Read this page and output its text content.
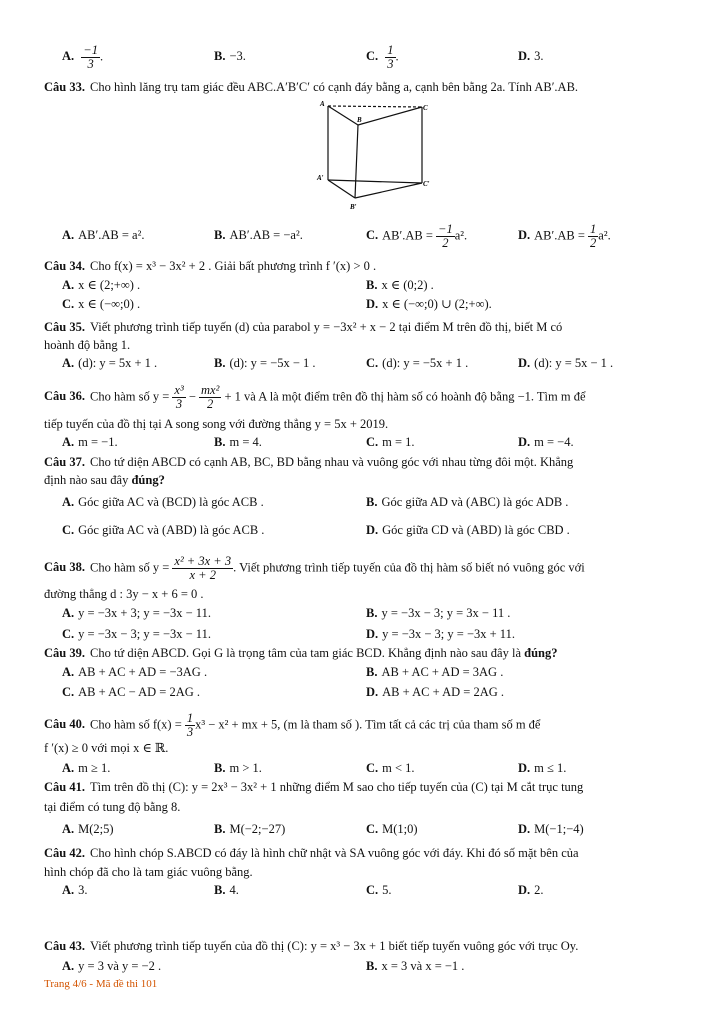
A. $\frac{-1}{3}$ .	B. −3.	C. $\frac{1}{3}$ .	D. 3.
Câu 33. Cho hình lăng trụ tam giác đều ABC.A′B′C′ có cạnh đáy bằng a, cạnh bên bằng 2a. Tính AB′.AB.
A
B
C
A′
B′
C′
A. AB′.AB = a².	B. AB′.AB = −a².	C. $AB'.AB = \frac{-1}{2} a^2$.	D. $AB'.AB = \frac{1}{2} a^2$.
Câu 34. Cho f(x) = x³ − 3x² + 2 . Giải bất phương trình f ′(x) > 0 .
A. x ∈ (2;+∞) .	B. x ∈ (0;2) .
C. x ∈ (−∞;0) .	D. x ∈ (−∞;0) ∪ (2;+∞).
Câu 35. Viết phương trình tiếp tuyến (d) của parabol y = −3x² + x − 2 tại điểm M trên đồ thị, biết M có
hoành độ bằng 1.
A. (d): y = 5x + 1 .	B. (d): y = −5x − 1 .	C. (d): y = −5x + 1 .	D. (d): y = 5x − 1 .
Câu 36. Cho hàm số $y = \frac{\text{x³}}{3} - \frac{\text{mx²}}{2} + 1$ và A là một điểm trên đồ thị hàm số có hoành độ bằng −1. Tìm m để
tiếp tuyến của đồ thị tại A song song với đường thẳng y = 5x + 2019.
A. m = −1.	B. m = 4.	C. m = 1.	D. m = −4.
Câu 37. Cho tứ diện ABCD có cạnh AB, BC, BD bằng nhau và vuông góc với nhau từng đôi một. Khẳng
định nào sau đây đúng?
A. Góc giữa AC và (BCD) là góc ACB .	B. Góc giữa AD và (ABC) là góc ADB .
C. Góc giữa AC và (ABD) là góc ACB .	D. Góc giữa CD và (ABD) là góc CBD .
Câu 38. Cho hàm số $y = \frac{\text{x² + 3x + 3}}{x + 2}$ . Viết phương trình tiếp tuyến của đồ thị hàm số biết nó vuông góc với
đường thẳng d : 3y − x + 6 = 0 .
A. y = −3x + 3; y = −3x − 11.	B. y = −3x − 3; y = 3x − 11 .
C. y = −3x − 3; y = −3x − 11.	D. y = −3x − 3; y = −3x + 11.
Câu 39. Cho tứ diện ABCD. Gọi G là trọng tâm của tam giác BCD. Khẳng định nào sau đây là đúng?
A. AB + AC + AD = −3AG .	B. AB + AC + AD = 3AG .
C. AB + AC − AD = 2AG .	D. AB + AC + AD = 2AG .
Câu 40. Cho hàm số $f(x) = \frac{1}{3} x^3 - x^2$ + mx + 5, (m là tham số ). Tìm tất cả các trị của tham số m để
f ′(x) ≥ 0 với mọi x ∈ ℝ.
A. m ≥ 1.	B. m > 1.	C. m < 1.	D. m ≤ 1.
Câu 41. Tìm trên đồ thị (C): y = 2x³ − 3x² + 1 những điểm M sao cho tiếp tuyến của (C) tại M cắt trục tung
tại điểm có tung độ bằng 8.
A. M(2;5)	B. M(−2;−27)	C. M(1;0)	D. M(−1;−4)
Câu 42. Cho hình chóp S.ABCD có đáy là hình chữ nhật và SA vuông góc với đáy. Khi đó số mặt bên của
hình chóp đã cho là tam giác vuông bằng.
A. 3.	B. 4.	C. 5.	D. 2.
Câu 43. Viết phương trình tiếp tuyến của đồ thị (C): y = x³ − 3x + 1 biết tiếp tuyến vuông góc với trục Oy.
A. y = 3 và y = −2 .	B. x = 3 và x = −1 .
Trang 4/6 - Mã đề thi 101
